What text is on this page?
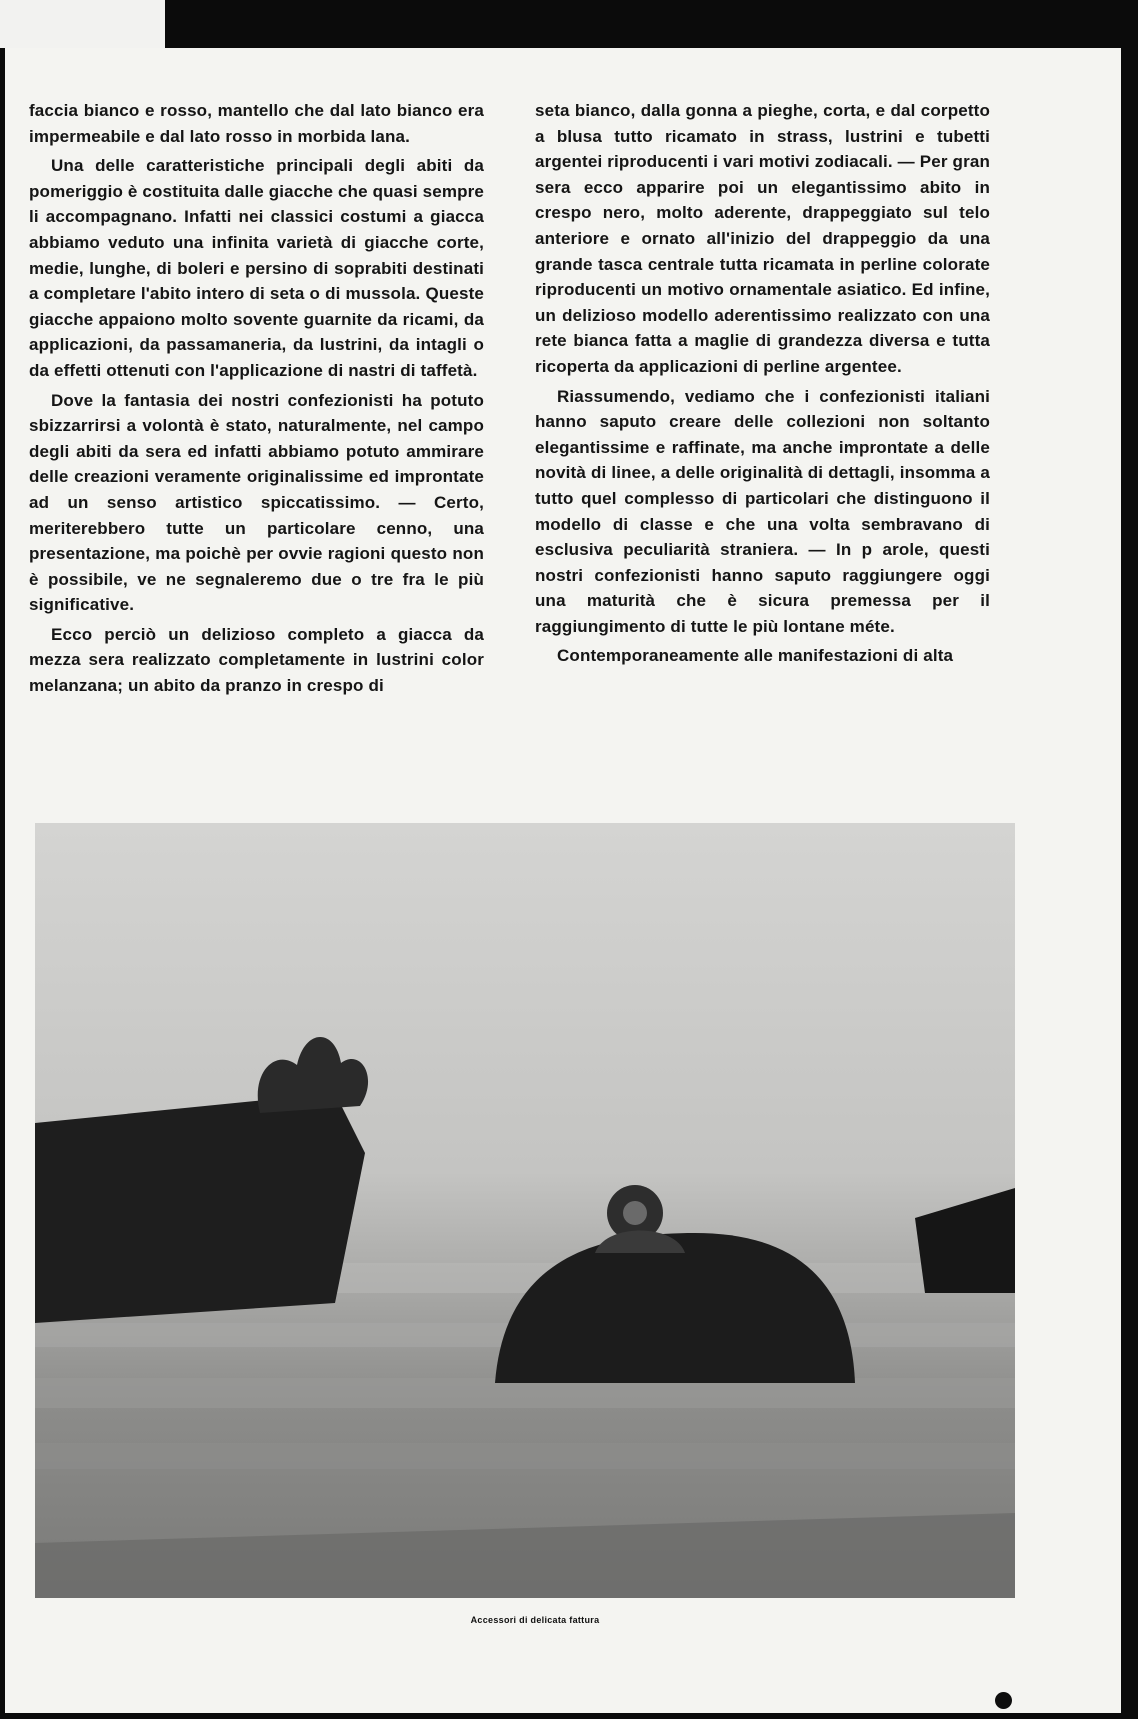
faccia bianco e rosso, mantello che dal lato bianco era impermeabile e dal lato rosso in morbida lana.

Una delle caratteristiche principali degli abiti da pomeriggio è costituita dalle giacche che quasi sempre li accompagnano. Infatti nei classici costumi a giacca abbiamo veduto una infinita varietà di giacche corte, medie, lunghe, di boleri e persino di soprabiti destinati a completare l'abito intero di seta o di mussola. Queste giacche appaiono molto sovente guarnite da ricami, da applicazioni, da passamaneria, da lustrini, da intagli o da effetti ottenuti con l'applicazione di nastri di taffetà.

Dove la fantasia dei nostri confezionisti ha potuto sbizzarrirsi a volontà è stato, naturalmente, nel campo degli abiti da sera ed infatti abbiamo potuto ammirare delle creazioni veramente originalissime ed improntate ad un senso artistico spiccatissimo. — Certo, meriterebbero tutte un particolare cenno, una presentazione, ma poichè per ovvie ragioni questo non è possibile, ve ne segnaleremo due o tre fra le più significative.

Ecco perciò un delizioso completo a giacca da mezza sera realizzato completamente in lustrini color melanzana; un abito da pranzo in crespo di

seta bianco, dalla gonna a pieghe, corta, e dal corpetto a blusa tutto ricamato in strass, lustrini e tubetti argentei riproducenti i vari motivi zodiacali. — Per gran sera ecco apparire poi un elegantissimo abito in crespo nero, molto aderente, drappeggiato sul telo anteriore e ornato all'inizio del drappeggio da una grande tasca centrale tutta ricamata in perline colorate riproducenti un motivo ornamentale asiatico. Ed infine, un delizioso modello aderentissimo realizzato con una rete bianca fatta a maglie di grandezza diversa e tutta ricoperta da applicazioni di perline argentee.

Riassumendo, vediamo che i confezionisti italiani hanno saputo creare delle collezioni non soltanto elegantissime e raffinate, ma anche improntate a delle novità di linee, a delle originalità di dettagli, insomma a tutto quel complesso di particolari che distinguono il modello di classe e che una volta sembravano di esclusiva peculiarità straniera. — In p arole, questi nostri confezionisti hanno saputo raggiungere oggi una maturità che è sicura premessa per il raggiungimento di tutte le più lontane méte.

Contemporaneamente alle manifestazioni di alta

Accessori di delicata fattura
